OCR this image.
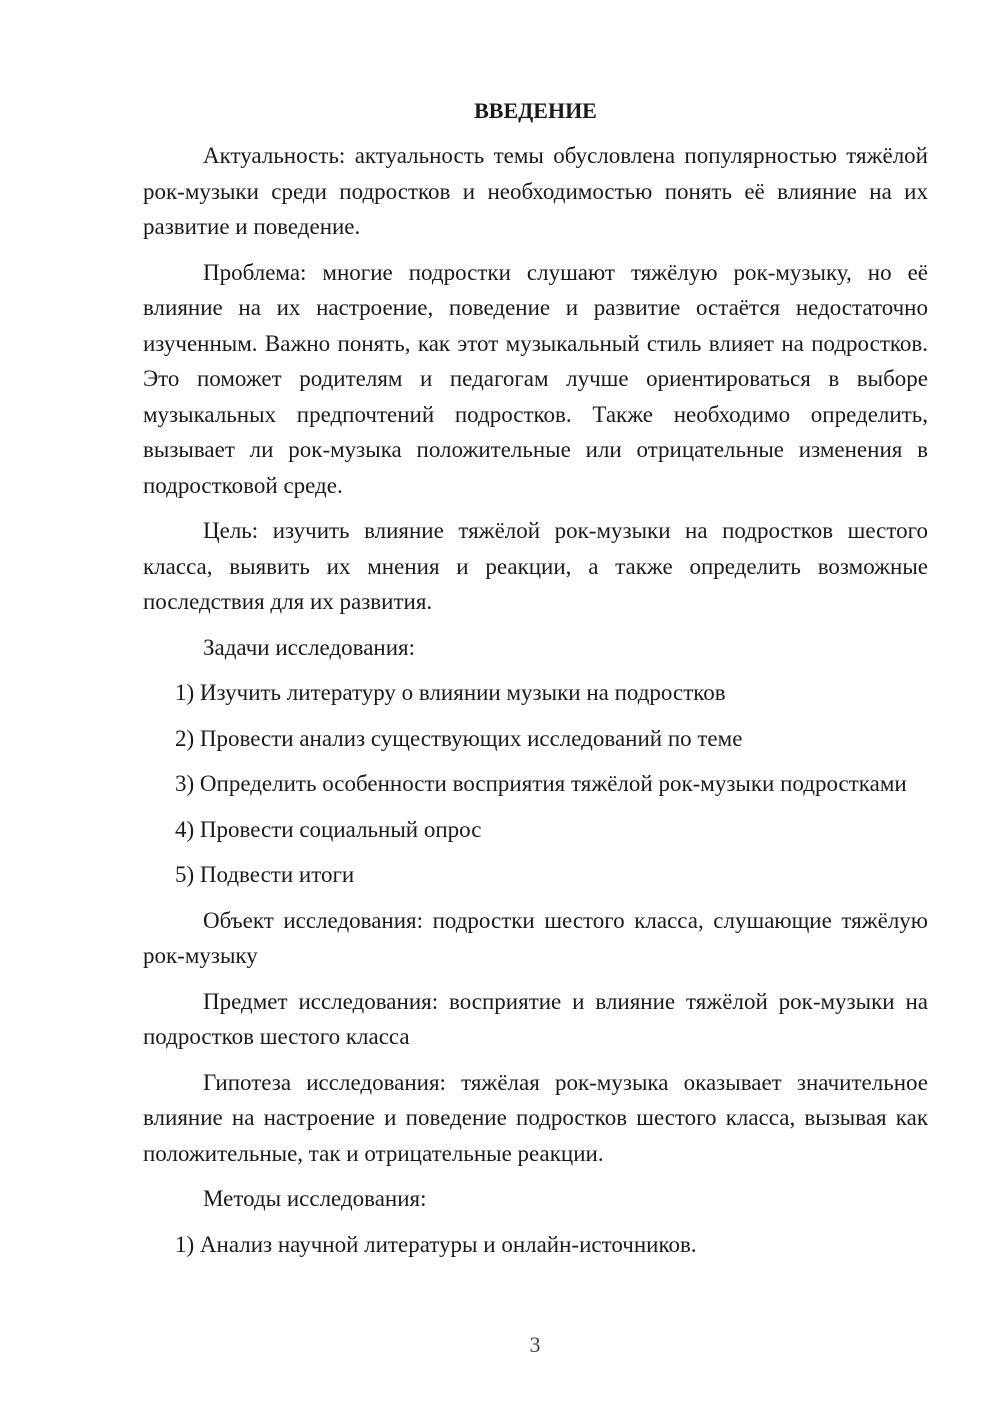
ВВЕДЕНИЕ

Актуальность: актуальность темы обусловлена популярностью тяжёлой рок-музыки среди подростков и необходимостью понять её влияние на их развитие и поведение.

Проблема: многие подростки слушают тяжёлую рок-музыку, но её влияние на их настроение, поведение и развитие остаётся недостаточно изученным. Важно понять, как этот музыкальный стиль влияет на подростков. Это поможет родителям и педагогам лучше ориентироваться в выборе музыкальных предпочтений подростков. Также необходимо определить, вызывает ли рок-музыка положительные или отрицательные изменения в подростковой среде.

Цель: изучить влияние тяжёлой рок-музыки на подростков шестого класса, выявить их мнения и реакции, а также определить возможные последствия для их развития.

Задачи исследования:

1) Изучить литературу о влиянии музыки на подростков

2) Провести анализ существующих исследований по теме

3) Определить особенности восприятия тяжёлой рок-музыки подростками

4) Провести социальный опрос

5) Подвести итоги

Объект исследования: подростки шестого класса, слушающие тяжёлую рок-музыку

Предмет исследования: восприятие и влияние тяжёлой рок-музыки на подростков шестого класса

Гипотеза исследования: тяжёлая рок-музыка оказывает значительное влияние на настроение и поведение подростков шестого класса, вызывая как положительные, так и отрицательные реакции.

Методы исследования:

1) Анализ научной литературы и онлайн-источников.

3
